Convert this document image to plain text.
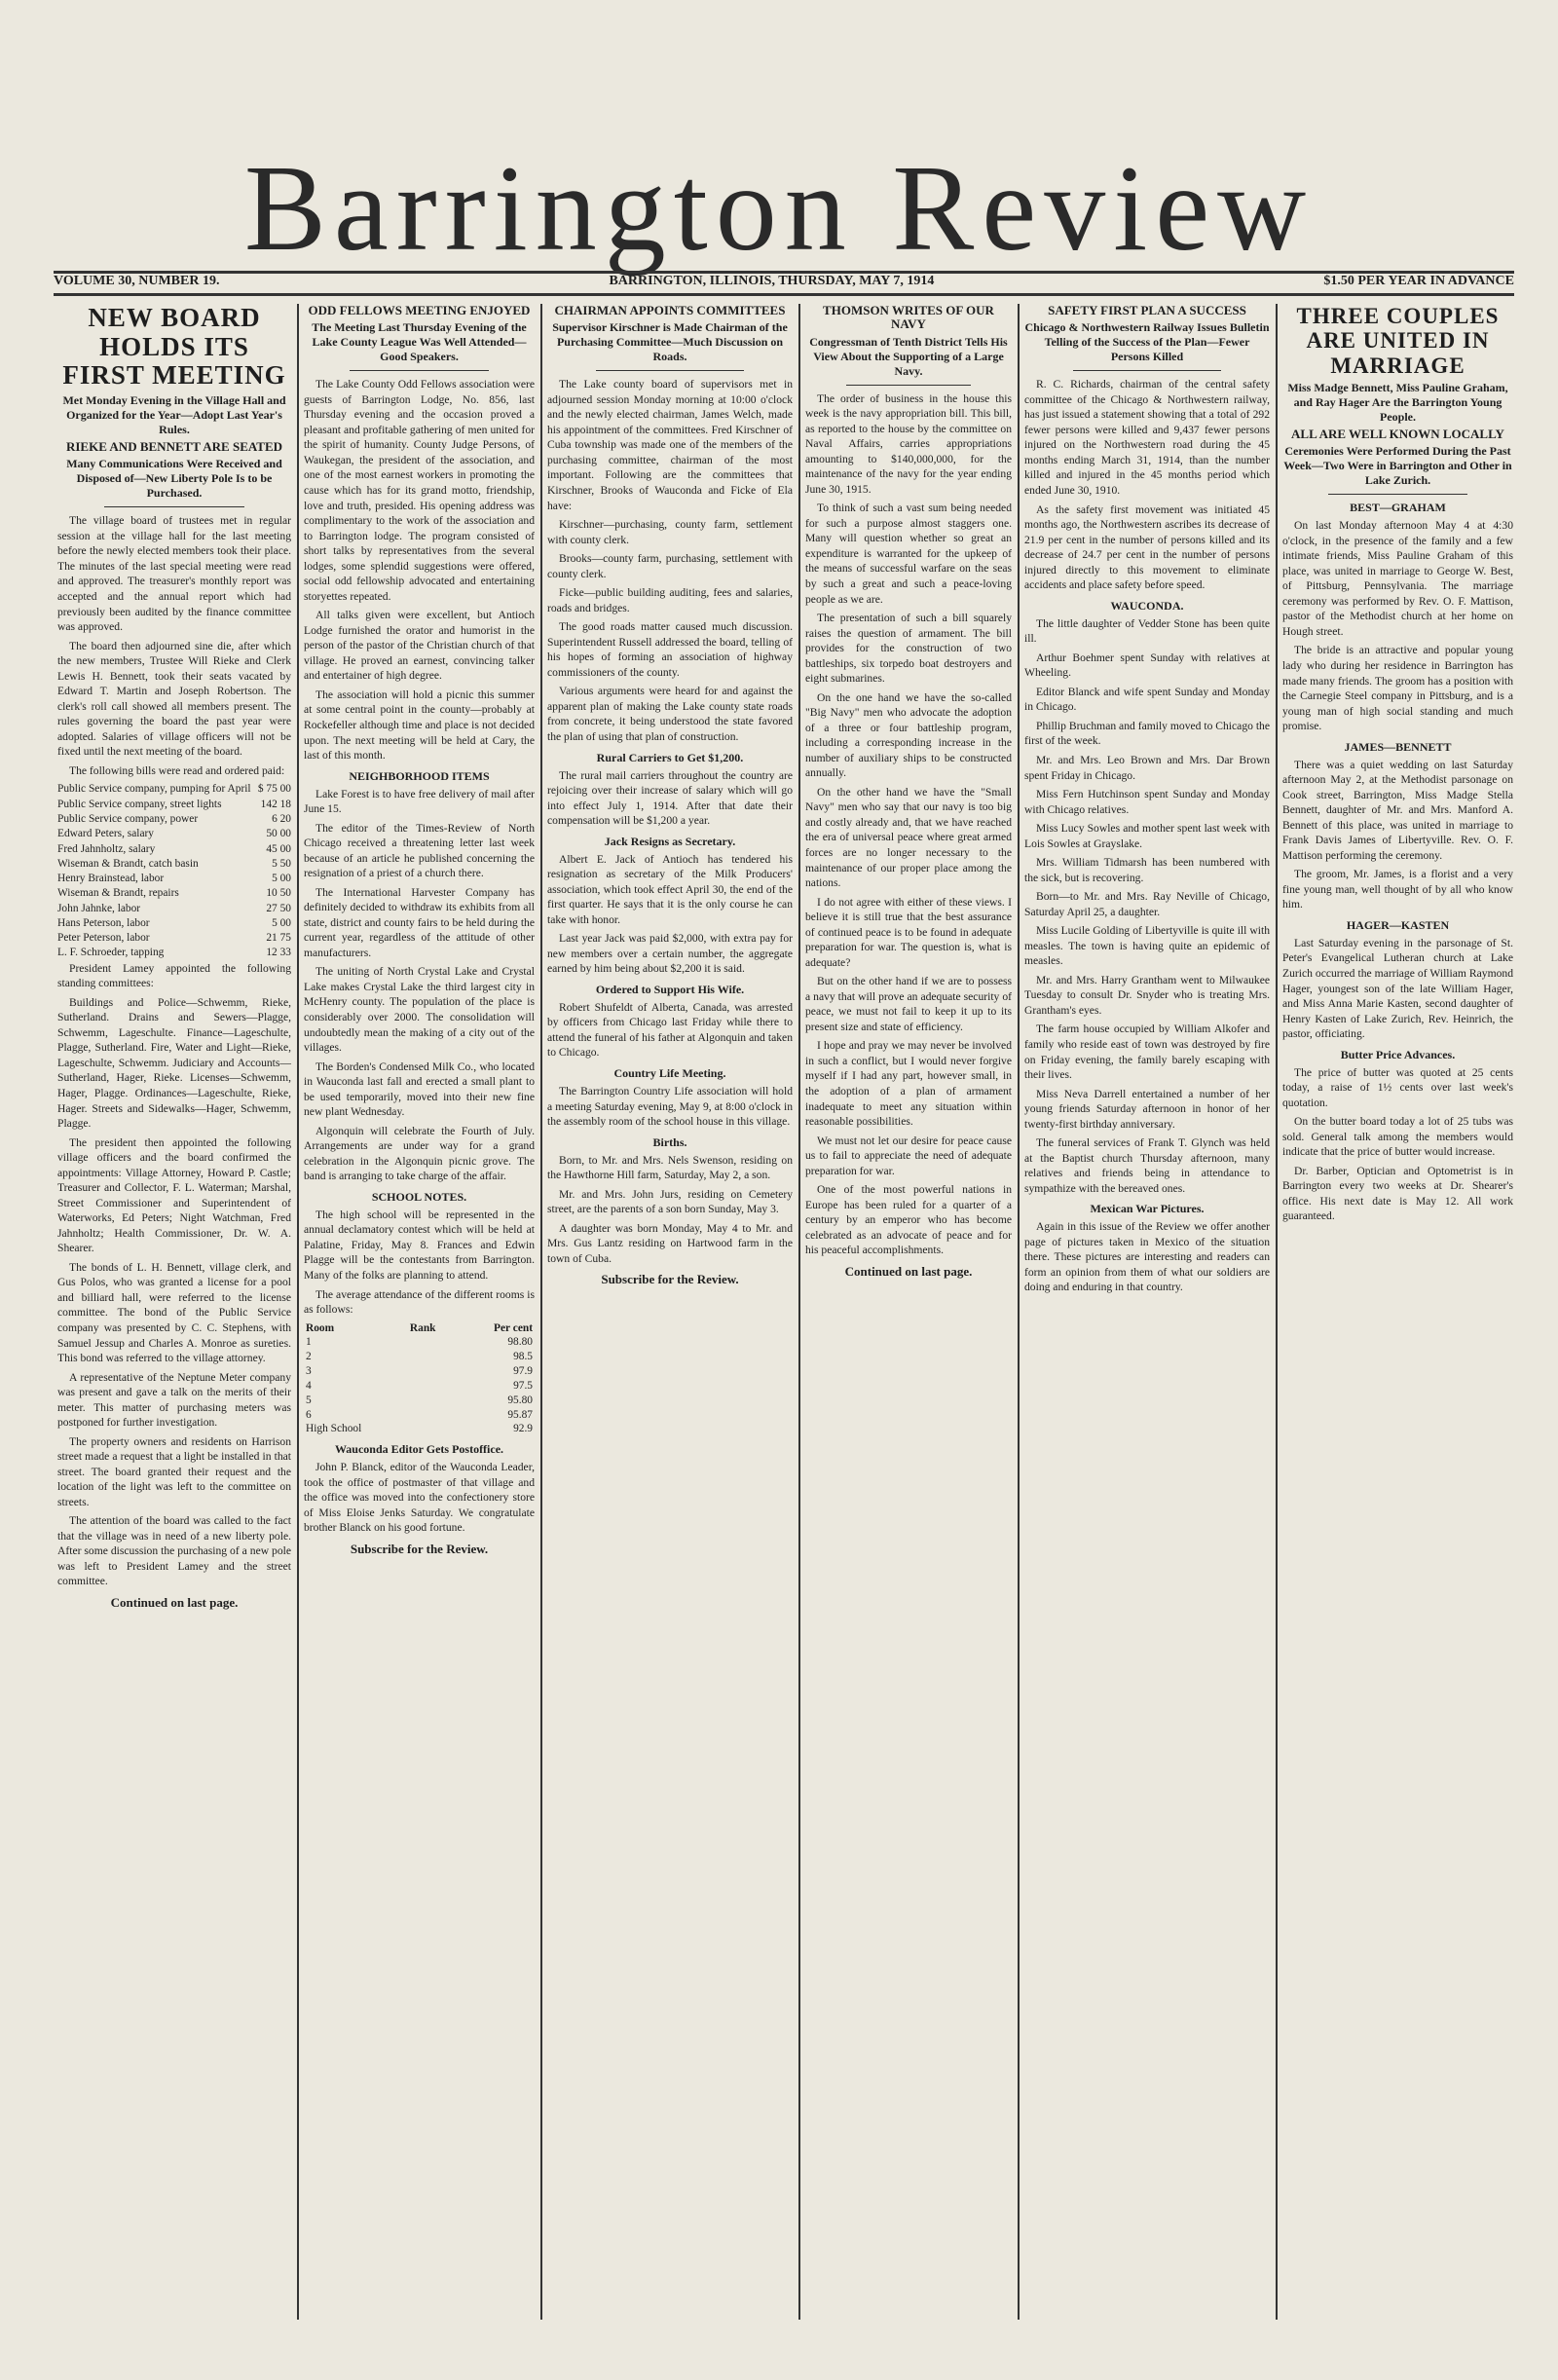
Barrington Review
VOLUME 30, NUMBER 19.	BARRINGTON, ILLINOIS, THURSDAY, MAY 7, 1914	$1.50 PER YEAR IN ADVANCE
NEW BOARD HOLDS ITS FIRST MEETING
Met Monday Evening in the Village Hall and Organized for the Year—Adopt Last Year's Rules.
RIEKE AND BENNETT ARE SEATED
Many Communications Were Received and Disposed of—New Liberty Pole Is to be Purchased.

The village board of trustees met in regular session at the village hall for the last meeting before the newly elected members took their place. The minutes of the last special meeting were read and approved. The treasurer's monthly report was accepted and the annual report which had previously been audited by the finance committee was approved.

The board then adjourned sine die, after which the new members, Trustee Will Rieke and Clerk Lewis H. Bennett, took their seats vacated by Edward T. Martin and Joseph Robertson. The clerk's roll call showed all members present. The rules governing the board the past year were adopted. Salaries of village officers will not be fixed until the next meeting of the board.

The following bills were read and ordered paid:

Public Service company, pumping for April $ 75 00
Public Service company, street lights	142 18
Public Service company, power	6 20
Edward Peters, salary	50 00
Fred Jahnholtz, salary	45 00
Wiseman & Brandt, catch basin	5 50
Henry Brainstead, labor	5 00
Wiseman & Brandt, repairs	10 50
John Jahnke, labor	27 50
Hans Peterson, labor	5 00
Peter Peterson, labor	21 75
L. F. Schroeder, tapping	12 33

President Lamey appointed the following standing committees:

Buildings and Police—Schwemm, Rieke, Sutherland. Drains and Sewers—Plagge, Schwemm, Lageschulte. Finance—Lageschulte, Plagge, Sutherland. Fire, Water and Light—Rieke, Lageschulte, Schwemm. Judiciary and Accounts—Sutherland, Hager, Rieke. Licenses—Schwemm, Hager, Plagge. Ordinances—Lageschulte, Rieke, Hager. Streets and Sidewalks—Hager, Schwemm, Plagge.

The president then appointed the following village officers and the board confirmed the appointments: Village Attorney, Howard P. Castle; Treasurer and Collector, F. L. Waterman; Marshal, Street Commissioner and Superintendent of Waterworks, Ed Peters; Night Watchman, Fred Jahnholtz; Health Commissioner, Dr. W. A. Shearer.

The bonds of L. H. Bennett, village clerk, and Gus Polos, who was granted a license for a pool and billiard hall, were referred to the license committee. The bond of the Public Service company was presented by C. C. Stephens, with Samuel Jessup and Charles A. Monroe as sureties. This bond was referred to the village attorney.

A representative of the Neptune Meter company was present and gave a talk on the merits of their meter. This matter of purchasing meters was postponed for further investigation.

The property owners and residents on Harrison street made a request that a light be installed in that street. The board granted their request and the location of the light was left to the committee on streets.

The attention of the board was called to the fact that the village was in need of a new liberty pole. After some discussion the purchasing of a new pole was left to President Lamey and the street committee.

Continued on last page.
ODD FELLOWS MEETING ENJOYED
The Meeting Last Thursday Evening of the Lake County League Was Well Attended—Good Speakers.

The Lake County Odd Fellows association were guests of Barrington Lodge, No. 856, last Thursday evening and the occasion proved a pleasant and profitable gathering of men united for the spirit of humanity. County Judge Persons, of Waukegan, the president of the association, and one of the most earnest workers in promoting the cause which has for its grand motto, friendship, love and truth, presided. His opening address was complimentary to the work of the association and to Barrington lodge. The program consisted of short talks by representatives from the several lodges, some splendid suggestions were offered, social odd fellowship advocated and entertaining storyettes repeated.

All talks given were excellent, but Antioch Lodge furnished the orator and humorist in the person of the pastor of the Christian church of that village. He proved an earnest, convincing talker and entertainer of high degree.

The association will hold a picnic this summer at some central point in the county—probably at Rockefeller although time and place is not decided upon. The next meeting will be held at Cary, the last of this month.

NEIGHBORHOOD ITEMS

Lake Forest is to have free delivery of mail after June 15.

The editor of the Times-Review of North Chicago received a threatening letter last week because of an article he published concerning the resignation of a priest of a church there.

The International Harvester Company has definitely decided to withdraw its exhibits from all state, district and county fairs to be held during the current year, regardless of the attitude of other manufacturers.

The uniting of North Crystal Lake and Crystal Lake makes Crystal Lake the third largest city in McHenry county. The population of the place is considerably over 2000. The consolidation will undoubtedly mean the making of a city out of the villages.

The Borden's Condensed Milk Co., who located in Wauconda last fall and erected a small plant to be used temporarily, moved into their new fine new plant Wednesday.

Algonquin will celebrate the Fourth of July. Arrangements are under way for a grand celebration in the Algonquin picnic grove. The band is arranging to take charge of the affair.

SCHOOL NOTES.

The high school will be represented in the annual declamatory contest which will be held at Palatine, Friday, May 8. Frances and Edwin Plagge will be the contestants from Barrington. Many of the folks are planning to attend.

The average attendance of the different rooms is as follows:

Room	Rank	Per cent
1		98.80
2		98.5
3		97.9
4		97.5
5		95.80
6		95.87
High School		92.9
Wauconda Editor Gets Postoffice.

John P. Blanck, editor of the Wauconda Leader, took the office of postmaster of that village and the office was moved into the confectionery store of Miss Eloise Jenks Saturday. We congratulate brother Blanck on his good fortune.

Subscribe for the Review.
CHAIRMAN APPOINTS COMMITTEES
Supervisor Kirschner is Made Chairman of the Purchasing Committee—Much Discussion on Roads.

The Lake county board of supervisors met in adjourned session Monday morning at 10:00 o'clock and the newly elected chairman, James Welch, made his appointment of the committees. Fred Kirschner of Cuba township was made one of the members of the purchasing committee, chairman of the most important. Following are the committees that Kirschner, Brooks of Wauconda and Ficke of Ela have:

Kirschner—purchasing, county farm, settlement with county clerk.

Brooks—county farm, purchasing, settlement with county clerk.

Ficke—public building auditing, fees and salaries, roads and bridges.

The good roads matter caused much discussion. Superintendent Russell addressed the board, telling of his hopes of forming an association of highway commissioners of the county.

Various arguments were heard for and against the apparent plan of making the Lake county state roads from concrete, it being understood the state favored the plan of using that plan of construction.

Rural Carriers to Get $1,200.

The rural mail carriers throughout the country are rejoicing over their increase of salary which will go into effect July 1, 1914. After that date their compensation will be $1,200 a year.

Jack Resigns as Secretary.

Albert E. Jack of Antioch has tendered his resignation as secretary of the Milk Producers' association, which took effect April 30, the end of the first quarter. He says that it is the only course he can take with honor.

Last year Jack was paid $2,000, with extra pay for new members over a certain number, the aggregate earned by him being about $2,200 it is said.

Ordered to Support His Wife.

Robert Shufeldt of Alberta, Canada, was arrested by officers from Chicago last Friday while there to attend the funeral of his father at Algonquin and taken to Chicago.

Country Life Meeting.

The Barrington Country Life association will hold a meeting Saturday evening, May 9, at 8:00 o'clock in the assembly room of the school house in this village.

Births.

Born, to Mr. and Mrs. Nels Swenson, residing on the Hawthorne Hill farm, Saturday, May 2, a son.

Mr. and Mrs. John Jurs, residing on Cemetery street, are the parents of a son born Sunday, May 3.

A daughter was born Monday, May 4 to Mr. and Mrs. Gus Lantz residing on Hartwood farm in the town of Cuba.

Subscribe for the Review.
THOMSON WRITES OF OUR NAVY
Congressman of Tenth District Tells His View About the Supporting of a Large Navy.

The order of business in the house this week is the navy appropriation bill. This bill, as reported to the house by the committee on Naval Affairs, carries appropriations amounting to $140,000,000, for the maintenance of the navy for the year ending June 30, 1915.

To think of such a vast sum being needed for such a purpose almost staggers one. Many will question whether so great an expenditure is warranted for the upkeep of the means of successful warfare on the seas by such a great and such a peace-loving people as we are.

The presentation of such a bill squarely raises the question of armament. The bill provides for the construction of two battleships, six torpedo boat destroyers and eight submarines.

On the one hand we have the so-called "Big Navy" men who advocate the adoption of a three or four battleship program, including a corresponding increase in the number of auxiliary ships to be constructed annually.

On the other hand we have the "Small Navy" men who say that our navy is too big and costly already and, that we have reached the era of universal peace where great armed forces are no longer necessary to the maintenance of our proper place among the nations.

I do not agree with either of these views. I believe it is still true that the best assurance of continued peace is to be found in adequate preparation for war. The question is, what is adequate?

But on the other hand if we are to possess a navy that will prove an adequate security of peace, we must not fail to keep it up to its present size and state of efficiency.

I hope and pray we may never be involved in such a conflict, but I would never forgive myself if I had any part, however small, in the adoption of a plan of armament inadequate to meet any situation within reasonable possibilities.

We must not let our desire for peace cause us to fail to appreciate the need of adequate preparation for war.

One of the most powerful nations in Europe has been ruled for a quarter of a century by an emperor who has become celebrated as an advocate of peace and for his peaceful accomplishments.

Continued on last page.
SAFETY FIRST PLAN A SUCCESS
Chicago & Northwestern Railway Issues Bulletin Telling of the Success of the Plan—Fewer Persons Killed

R. C. Richards, chairman of the central safety committee of the Chicago & Northwestern railway, has just issued a statement showing that a total of 292 fewer persons were killed and 9,437 fewer persons injured on the Northwestern road during the 45 months ending March 31, 1914, than the number killed and injured in the 45 months period which ended June 30, 1910.

As the safety first movement was initiated 45 months ago, the Northwestern ascribes its decrease of 21.9 per cent in the number of persons killed and its decrease of 24.7 per cent in the number of persons injured directly to this movement to eliminate accidents and place safety before speed.

WAUCONDA.

The little daughter of Vedder Stone has been quite ill.

Arthur Boehmer spent Sunday with relatives at Wheeling.

Editor Blanck and wife spent Sunday and Monday in Chicago.

Phillip Bruchman and family moved to Chicago the first of the week.

Mr. and Mrs. Leo Brown and Mrs. Dar Brown spent Friday in Chicago.

Miss Fern Hutchinson spent Sunday and Monday with Chicago relatives.

Miss Lucy Sowles and mother spent last week with Lois Sowles at Grayslake.

Mrs. William Tidmarsh has been numbered with the sick, but is recovering.

Born—to Mr. and Mrs. Ray Neville of Chicago, Saturday April 25, a daughter.

Miss Lucile Golding of Libertyville is quite ill with measles. The town is having quite an epidemic of measles.

Mr. and Mrs. Harry Grantham went to Milwaukee Tuesday to consult Dr. Snyder who is treating Mrs. Grantham's eyes.

The farm house occupied by William Alkofer and family who reside east of town was destroyed by fire on Friday evening, the family barely escaping with their lives.

Miss Neva Darrell entertained a number of her young friends Saturday afternoon in honor of her twenty-first birthday anniversary.

The funeral services of Frank T. Glynch was held at the Baptist church Thursday afternoon, many relatives and friends being in attendance to sympathize with the bereaved ones.

Mexican War Pictures.

Again in this issue of the Review we offer another page of pictures taken in Mexico of the situation there. These pictures are interesting and readers can form an opinion from them of what our soldiers are doing and enduring in that country.

THREE COUPLES ARE UNITED IN MARRIAGE
Miss Madge Bennett, Miss Pauline Graham, and Ray Hager Are the Barrington Young People.
ALL ARE WELL KNOWN LOCALLY
Ceremonies Were Performed During the Past Week—Two Were in Barrington and Other in Lake Zurich.
BEST—GRAHAM

On last Monday afternoon May 4 at 4:30 o'clock, in the presence of the family and a few intimate friends, Miss Pauline Graham of this place, was united in marriage to George W. Best, of Pittsburg, Pennsylvania. The marriage ceremony was performed by Rev. O. F. Mattison, pastor of the Methodist church at her home on Hough street.

The bride is an attractive and popular young lady who during her residence in Barrington has made many friends. The groom has a position with the Carnegie Steel company in Pittsburg, and is a young man of high social standing and much promise.

JAMES—BENNETT

There was a quiet wedding on last Saturday afternoon May 2, at the Methodist parsonage on Cook street, Barrington, Miss Madge Stella Bennett, daughter of Mr. and Mrs. Manford A. Bennett of this place, was united in marriage to Frank Davis James of Libertyville. Rev. O. F. Mattison performing the ceremony.

The groom, Mr. James, is a florist and a very fine young man, well thought of by all who know him.

HAGER—KASTEN

Last Saturday evening in the parsonage of St. Peter's Evangelical Lutheran church at Lake Zurich occurred the marriage of William Raymond Hager, youngest son of the late William Hager, and Miss Anna Marie Kasten, second daughter of Henry Kasten of Lake Zurich, Rev. Heinrich, the pastor, officiating.

Butter Price Advances.

The price of butter was quoted at 25 cents today, a raise of 1½ cents over last week's quotation.

On the butter board today a lot of 25 tubs was sold. General talk among the members would indicate that the price of butter would increase.

Dr. Barber, Optician and Optometrist is in Barrington every two weeks at Dr. Shearer's office. His next date is May 12. All work guaranteed.
